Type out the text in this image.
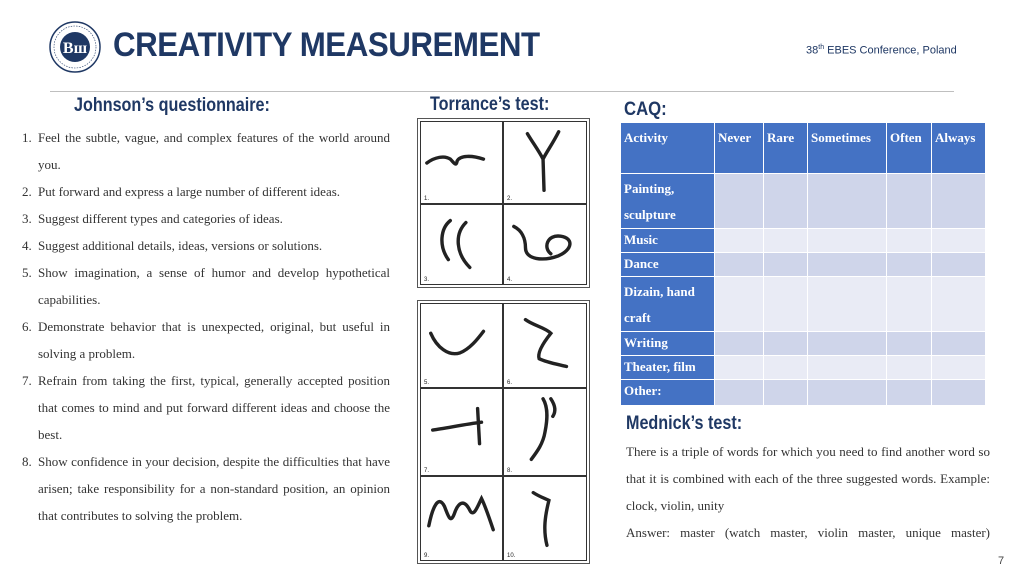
Вш CREATIVITY MEASUREMENT	38th EBES Conference, Poland
Johnson’s questionnaire:
1. Feel the subtle, vague, and complex features of the world around you.
2. Put forward and express a large number of different ideas.
3. Suggest different types and categories of ideas.
4. Suggest additional details, ideas, versions or solutions.
5. Show imagination, a sense of humor and develop hypothetical capabilities.
6. Demonstrate behavior that is unexpected, original, but useful in solving a problem.
7. Refrain from taking the first, typical, generally accepted position that comes to mind and put forward different ideas and choose the best.
8. Show confidence in your decision, despite the difficulties that have arisen; take responsibility for a non-standard position, an opinion that contributes to solving the problem.
Torrance’s test:
1.	2.
3.	4.
5.	6.
7.	8.
9.	10.
CAQ:
Activity	Never	Rare	Sometimes	Often	Always
Painting, sculpture					
Music					
Dance					
Dizain, hand craft					
Writing					
Theater, film					
Other:					
Mednick’s test:

There is a triple of words for which you need to find another word so that it is combined with each of the three suggested words. Example: clock, violin, unity

Answer: master (watch master, violin master, unique master)

7
